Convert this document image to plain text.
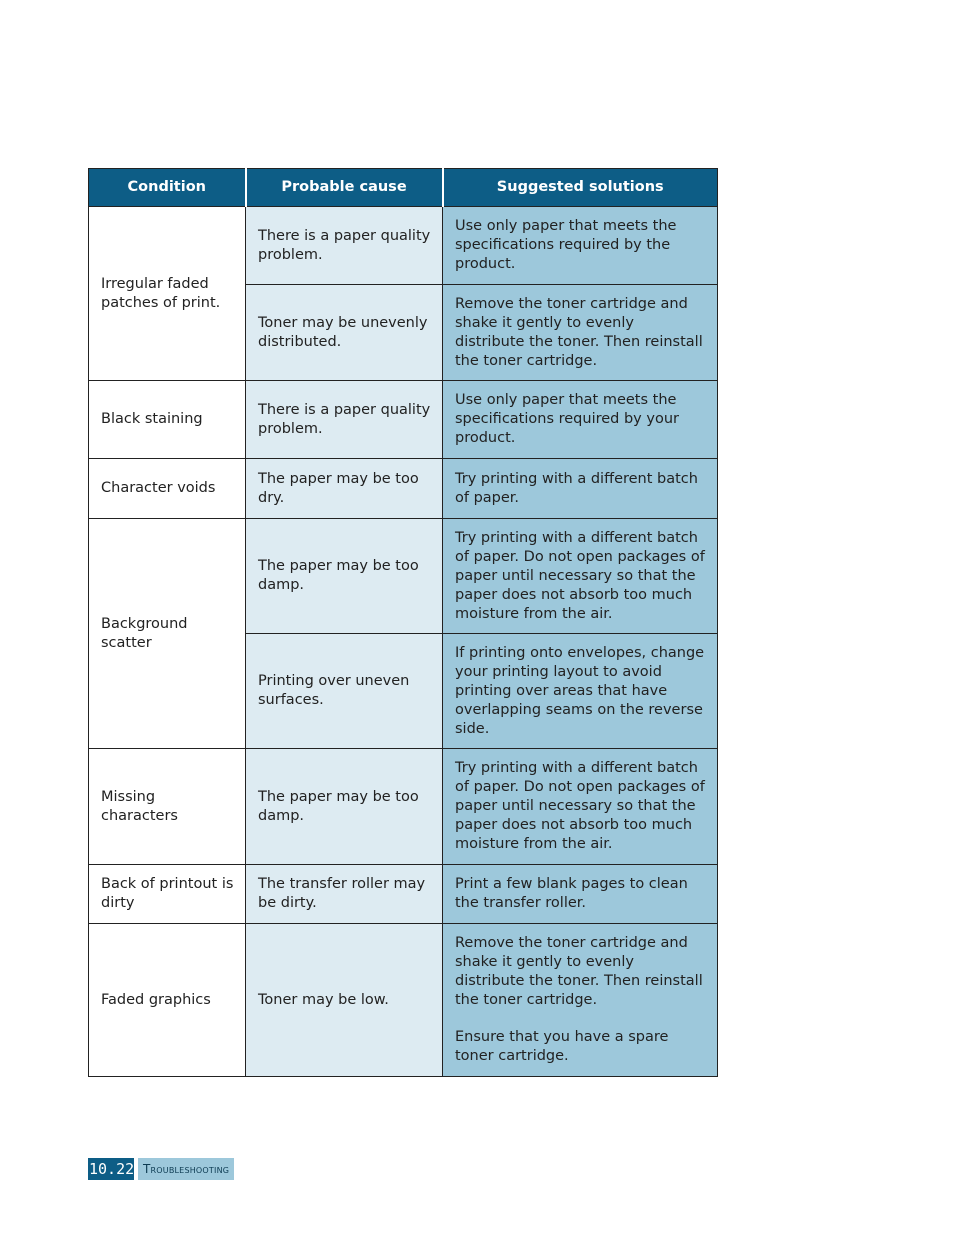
Condition	Probable cause	Suggested solutions
Irregular faded patches of print.	There is a paper quality problem.	Use only paper that meets the specifications required by the product.
	Toner may be unevenly distributed.	Remove the toner cartridge and shake it gently to evenly distribute the toner. Then reinstall the toner cartridge.
Black staining	There is a paper quality problem.	Use only paper that meets the specifications required by your product.
Character voids	The paper may be too dry.	Try printing with a different batch of paper.
Background scatter	The paper may be too damp.	Try printing with a different batch of paper. Do not open packages of paper until necessary so that the paper does not absorb too much moisture from the air.
	Printing over uneven surfaces.	If printing onto envelopes, change your printing layout to avoid printing over areas that have overlapping seams on the reverse side.
Missing characters	The paper may be too damp.	Try printing with a different batch of paper. Do not open packages of paper until necessary so that the paper does not absorb too much moisture from the air.
Back of printout is dirty	The transfer roller may be dirty.	Print a few blank pages to clean the transfer roller.
Faded graphics	Toner may be low.	Remove the toner cartridge and shake it gently to evenly distribute the toner. Then reinstall the toner cartridge.
Ensure that you have a spare toner cartridge.
10.22 Troubleshooting
